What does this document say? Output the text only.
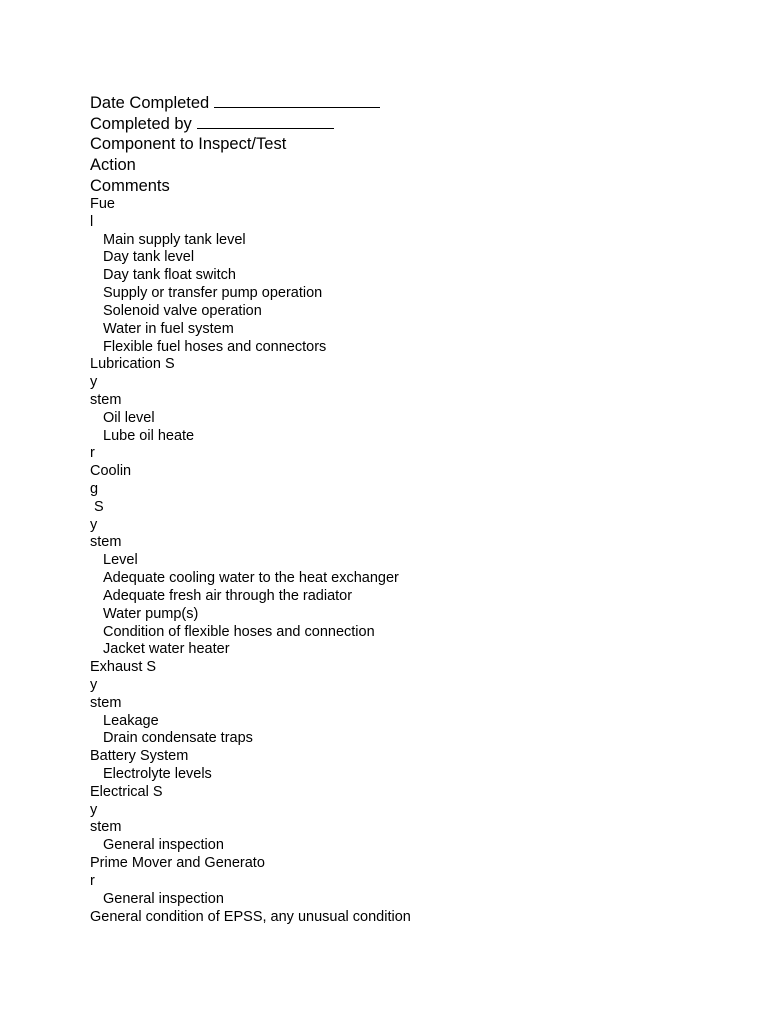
Date Completed
Completed by
Component to Inspect/Test
Action
Comments
Fue
l
Main supply tank level
Day tank level
Day tank float switch
Supply or transfer pump operation
Solenoid valve operation
Water in fuel system
Flexible fuel hoses and connectors
Lubrication S
y
stem
Oil level
Lube oil heate
r
Coolin
g
S
y
stem
Level
Adequate cooling water to the heat exchanger
Adequate fresh air through the radiator
Water pump(s)
Condition of flexible hoses and connection
Jacket water heater
Exhaust S
y
stem
Leakage
Drain condensate traps
Battery System
Electrolyte levels
Electrical S
y
stem
General inspection
Prime Mover and Generato
r
General inspection
General condition of EPSS, any unusual condition
